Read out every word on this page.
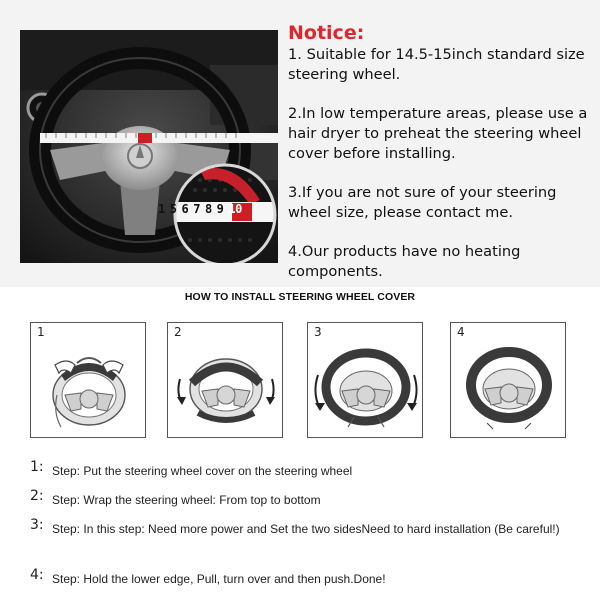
1 5 6 7 8 9 10
Notice:

1. Suitable for 14.5-15inch standard size steering wheel.

2.In low temperature areas, please use a hair dryer to preheat the steering wheel cover before installing.

3.If you are not sure of your steering wheel size, please contact me.

4.Our products have no heating components.

HOW TO INSTALL STEERING WHEEL COVER
1	2	3	4
1: Step: Put the steering wheel cover on the steering wheel
2: Step: Wrap the steering wheel: From top to bottom
3: Step: In this step: Need more power and Set the two sidesNeed to hard installation (Be careful!)
4: Step: Hold the lower edge, Pull, turn over and then push.Done!
